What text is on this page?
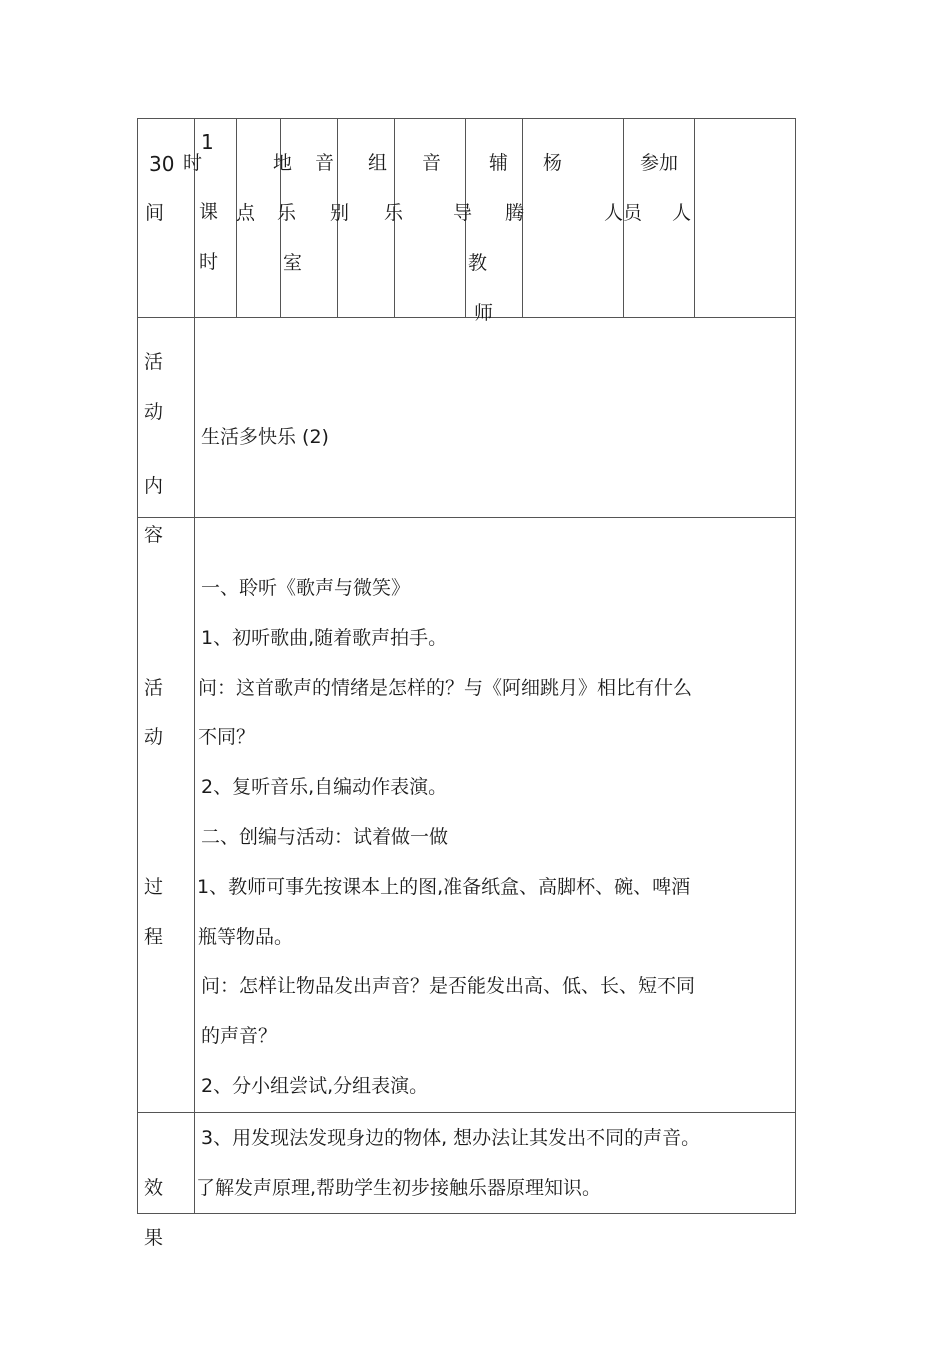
30 时
间
1
课
时
地
点
音
乐
室
组
别
音
乐
辅
导
教
师
杨
腾
参加
人员 人
活
动
内
容
生活多快乐 (2)
活
动
过
程
一、聆听《歌声与微笑》
1、初听歌曲,随着歌声拍手。
问：这首歌声的情绪是怎样的？与《阿细跳月》相比有什么
不同？
2、复听音乐,自编动作表演。
二、创编与活动：试着做一做
1、教师可事先按课本上的图,准备纸盒、高脚杯、碗、啤酒
瓶等物品。
问：怎样让物品发出声音？是否能发出高、低、长、短不同
的声音？
2、分小组尝试,分组表演。
3、用发现法发现身边的物体, 想办法让其发出不同的声音。
效
果
了解发声原理,帮助学生初步接触乐器原理知识。
